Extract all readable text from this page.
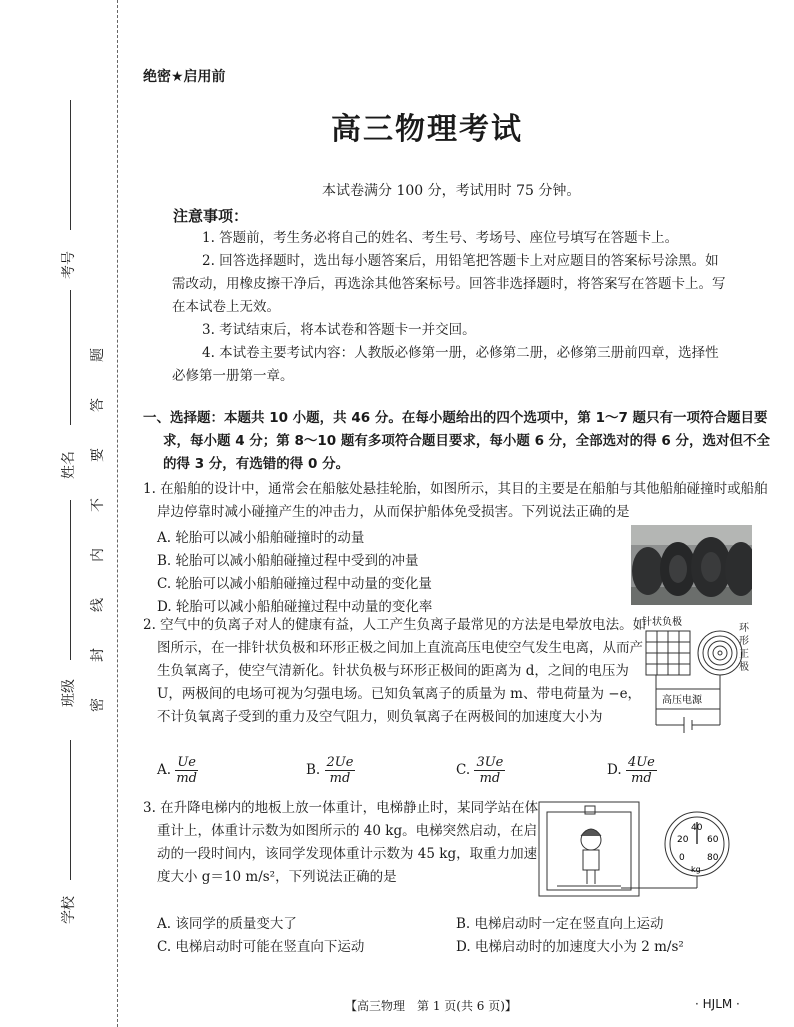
考号
姓名
班级
学校
题
答
要
不
内
线
封
密
绝密★启用前
高三物理考试
本试卷满分 100 分，考试用时 75 分钟。
注意事项：
1. 答题前，考生务必将自己的姓名、考生号、考场号、座位号填写在答题卡上。
2. 回答选择题时，选出每小题答案后，用铅笔把答题卡上对应题目的答案标号涂黑。如需改动，用橡皮擦干净后，再选涂其他答案标号。回答非选择题时，将答案写在答题卡上。写在本试卷上无效。
3. 考试结束后，将本试卷和答题卡一并交回。
4. 本试卷主要考试内容：人教版必修第一册，必修第二册，必修第三册前四章，选择性必修第一册第一章。
一、选择题：本题共 10 小题，共 46 分。在每小题给出的四个选项中，第 1～7 题只有一项符合题目要求，每小题 4 分；第 8～10 题有多项符合题目要求，每小题 6 分，全部选对的得 6 分，选对但不全的得 3 分，有选错的得 0 分。
1. 在船舶的设计中，通常会在船舷处悬挂轮胎，如图所示，其目的主要是在船舶与其他船舶碰撞时或船舶岸边停靠时减小碰撞产生的冲击力，从而保护船体免受损害。下列说法正确的是
A. 轮胎可以减小船舶碰撞时的动量
B. 轮胎可以减小船舶碰撞过程中受到的冲量
C. 轮胎可以减小船舶碰撞过程中动量的变化量
D. 轮胎可以减小船舶碰撞过程中动量的变化率
2. 空气中的负离子对人的健康有益，人工产生负离子最常见的方法是电晕放电法。如图所示，在一排针状负极和环形正极之间加上直流高压电使空气发生电离，从而产生负氧离子，使空气清新化。针状负极与环形正极间的距离为 d，之间的电压为 U，两极间的电场可视为匀强电场。已知负氧离子的质量为 m、带电荷量为 −e，不计负氧离子受到的重力及空气阻力，则负氧离子在两极间的加速度大小为
针状负极
高压电源
环形正极
A. $\frac{Ue}{md}$	B. $\frac{2Ue}{md}$	C. $\frac{3Ue}{md}$	D. $\frac{4Ue}{md}$
3. 在升降电梯内的地板上放一体重计，电梯静止时，某同学站在体重计上，体重计示数为如图所示的 40 kg。电梯突然启动，在启动的一段时间内，该同学发现体重计示数为 45 kg，取重力加速度大小 g＝10 m/s²，下列说法正确的是
0
20
40
60
80
kg
A. 该同学的质量变大了	B. 电梯启动时一定在竖直向上运动
C. 电梯启动时可能在竖直向下运动	D. 电梯启动时的加速度大小为 2 m/s²
【高三物理　第 1 页(共 6 页)】	· HJLM ·
